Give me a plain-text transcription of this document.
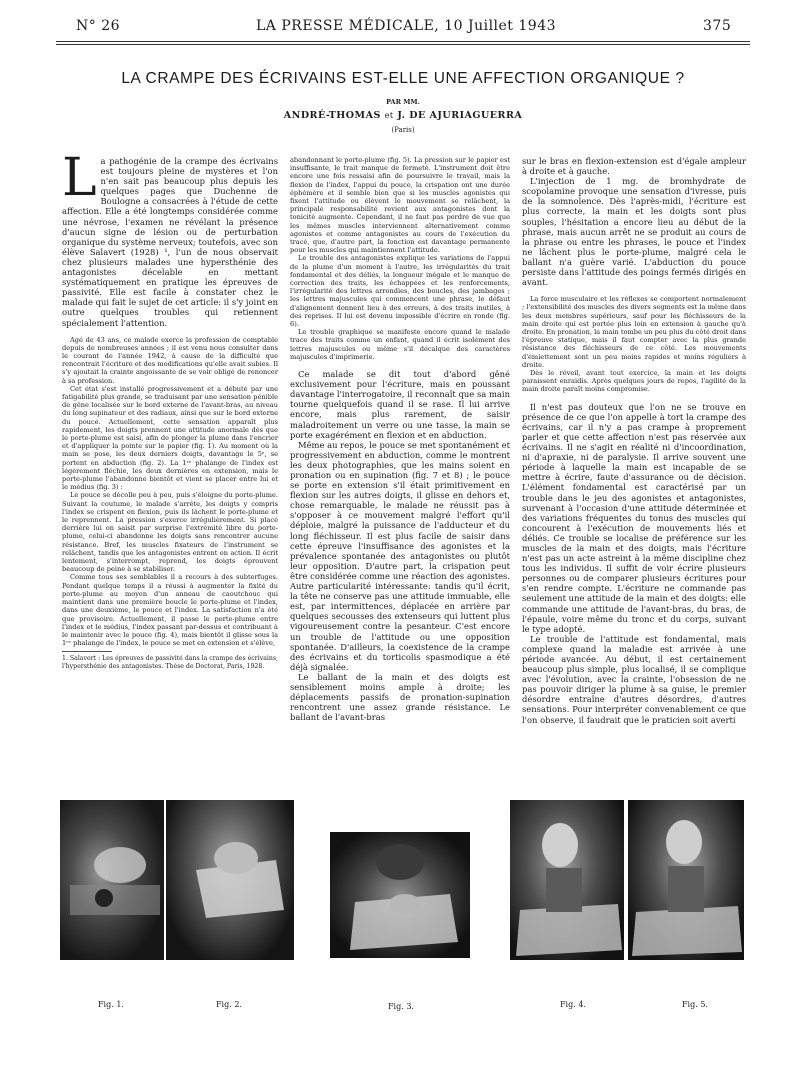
N° 26	LA PRESSE MÉDICALE, 10 Juillet 1943	375
LA CRAMPE DES ÉCRIVAINS EST-ELLE UNE AFFECTION ORGANIQUE ?
PAR MM.
ANDRÉ-THOMAS et J. DE AJURIAGUERRA
(Paris)

La pathogénie de la crampe des écrivains est toujours pleine de mystères et l'on n'en sait pas beaucoup plus depuis les quelques pages que Duchenne de Boulogne a consacrées à l'étude de cette affection. Elle a été longtemps considérée comme une névrose, l'examen ne révélant la présence d'aucun signe de lésion ou de perturbation organique du système nerveux; toutefois, avec son élève Salavert (1928) ¹, l'un de nous observait chez plusieurs malades une hypersthénie des antagonistes décelable en mettant systématiquement en pratique les épreuves de passivité. Elle est facile à constater chez le malade qui fait le sujet de cet article: il s'y joint en outre quelques troubles qui retiennent spécialement l'attention.

Agé de 43 ans, ce malade exerce la profession de comptable depuis de nombreuses années ; il est venu nous consulter dans le courant de l'année 1942, à cause de la difficulté que rencontrait l'écriture et des modifications qu'elle avait subies. Il s'y ajoutait la crainte angoissante de se voir obligé de renoncer à sa profession.

Cet état s'est installé progressivement et a débuté par une fatigabilité plus grande, se traduisant par une sensation pénible de gêne localisée sur le bord externe de l'avant-bras, au niveau du long supinateur et des radiaux, ainsi que sur le bord externe du pouce. Actuellement, cette sensation apparaît plus rapidement, les doigts prennent une attitude anormale dès que le porte-plume est saisi, afin de plonger la plume dans l'encrier et d'appliquer la pointe sur le papier (fig. 1). Au moment où la main se pose, les deux derniers doigts, davantage le 5ᵉ, se portent en abduction (fig. 2). La 1ʳᵉ phalange de l'index est légèrement fléchie, les deux dernières en extension, mais le porte-plume l'abandonne bientôt et vient se placer entre lui et le médius (fig. 3) :

Le pouce se décolle peu à peu, puis s'éloigne du porte-plume. Suivant la coutume, le malade s'arrête, les doigts y compris l'index se crispent en flexion, puis ils lâchent le porte-plume et le reprennent. La pression s'exerce irrégulièrement. Si placé derrière lui on saisit par surprise l'extrémité libre du porte-plume, celui-ci abandonne les doigts sans rencontrer aucune résistance. Bref, les muscles fixateurs de l'instrument se relâchent, tandis que les antagonistes entrent en action. Il écrit lentement, s'interrompt, reprend, les doigts éprouvent beaucoup de peine à se stabiliser.

Comme tous ses semblables il a recours à des subterfuges. Pendant quelque temps il a réussi à augmenter la fixité du porte-plume au moyen d'un anneau de caoutchouc qui maintient dans une première boucle le porte-plume et l'index, dans une deuxième, le pouce et l'index. La satisfaction n'a été que provisoire. Actuellement, il passe le porte-plume entre l'index et le médius, l'index passant par-dessus et contribuant à le maintenir avec le pouce (fig. 4), mais bientôt il glisse sous la 1ʳᵉ phalange de l'index, le pouce se met en extension et s'élève,

1. Salavert : Les épreuves de passivité dans la crampe des écrivains, l'hypersthénie des antagonistes. Thèse de Doctorat, Paris, 1928.

abandonnant le porte-plume (fig. 5). La pression sur le papier est insuffisante, le trait manque de fermeté. L'instrument doit être encore une fois ressaisi afin de poursuivre le travail, mais la flexion de l'index, l'appui du pouce, la crispation ont une durée éphémère et il semble bien que si les muscles agonistes qui fixent l'attitude ou élèvent le mouvement se relâchent, la principale responsabilité revient aux antagonistes dont la tonicité augmente. Cependant, il ne faut pas perdre de vue que les mêmes muscles interviennent alternativement comme agonistes et comme antagonistes au cours de l'exécution du tracé, que, d'autre part, la fonction est davantage permanente pour les muscles qui maintiennent l'attitude.

Le trouble des antagonistes explique les variations de l'appui de la plume d'un moment à l'autre, les irrégularités du trait fondamental et des déliés, la longueur inégale et le manque de correction des traits, les échappées et les renforcements, l'irrégularité des lettres arrondies, des boucles, des jambages ; les lettres majuscules qui commencent une phrase, le défaut d'alignement donnent lieu à des erreurs, à des traits inutiles, à des reprises. Il lui est devenu impossible d'écrire en ronde (fig. 6).

Le trouble graphique se manifeste encore quand le malade trace des traits comme un enfant, quand il écrit isolément des lettres majuscules ou même s'il décalque des caractères majuscules d'imprimerie.

Ce malade se dit tout d'abord gêné exclusivement pour l'écriture, mais en poussant davantage l'interrogatoire, il reconnaît que sa main tourne quelquefois quand il se rase. Il lui arrive encore, mais plus rarement, de saisir maladroitement un verre ou une tasse, la main se porte exagérément en flexion et en abduction.

Même au repos, le pouce se met spontanément et progressivement en abduction, comme le montrent les deux photographies, que les mains soient en pronation ou en supination (fig. 7 et 8) ; le pouce se porte en extension s'il était primitivement en flexion sur les autres doigts, il glisse en dehors et, chose remarquable, le malade ne réussit pas à s'opposer à ce mouvement malgré l'effort qu'il déploie, malgré la puissance de l'adducteur et du long fléchisseur. Il est plus facile de saisir dans cette épreuve l'insuffisance des agonistes et la prévalence spontanée des antagonistes ou plutôt leur opposition. D'autre part, la crispation peut être considérée comme une réaction des agonistes. Autre particularité intéressante: tandis qu'il écrit, la tête ne conserve pas une attitude immuable, elle est, par intermittences, déplacée en arrière par quelques secousses des extenseurs qui luttent plus vigoureusement contre la pesanteur. C'est encore un trouble de l'attitude ou une opposition spontanée. D'ailleurs, la coexistence de la crampe des écrivains et du torticolis spasmodique a été déjà signalée.

Le ballant de la main et des doigts est sensiblement moins ample à droite; les déplacements passifs de pronation-supination rencontrent une assez grande résistance. Le ballant de l'avant-bras

sur le bras en flexion-extension est d'égale ampleur à droite et à gauche.

L'injection de 1 mg. de bromhydrate de scopolamine provoque une sensation d'ivresse, puis de la somnolence. Dès l'après-midi, l'écriture est plus correcte, la main et les doigts sont plus souples, l'hésitation a encore lieu au début de la phrase, mais aucun arrêt ne se produit au cours de la phrase ou entre les phrases, le pouce et l'index ne lâchent plus le porte-plume, malgré cela le ballant n'a guère varié. L'abduction du pouce persiste dans l'attitude des poings fermés dirigés en avant.

La force musculaire et les réflexes se comportent normalement ; l'extensibilité des muscles des divers segments est la même dans les deux membres supérieurs, sauf pour les fléchisseurs de la main droite qui est portée plus loin en extension à gauche qu'à droite. En pronation, la main tombe un peu plus du côté droit dans l'épreuve statique, mais il faut compter avec la plus grande résistance des fléchisseurs de ce côté. Les mouvements d'émiettement sont un peu moins rapides et moins réguliers à droite.

Dès le réveil, avant tout exercice, la main et les doigts paraissent enraidis. Après quelques jours de repos, l'agilité de la main droite paraît moins compromise.

Il n'est pas douteux que l'on ne se trouve en présence de ce que l'on appelle à tort la crampe des écrivains, car il n'y a pas crampe à proprement parler et que cette affection n'est pas réservée aux écrivains. Il ne s'agit en réalité ni d'incoordination, ni d'apraxie, ni de paralysie. Il arrive souvent une période à laquelle la main est incapable de se mettre à écrire, faute d'assurance ou de décision. L'élément fondamental est caractérisé par un trouble dans le jeu des agonistes et antagonistes, survenant à l'occasion d'une attitude déterminée et des variations fréquentes du tonus des muscles qui concourent à l'exécution de mouvements liés et déliés. Ce trouble se localise de préférence sur les muscles de la main et des doigts, mais l'écriture n'est pas un acte astreint à la même discipline chez tous les individus. Il suffit de voir écrire plusieurs personnes ou de comparer plusieurs écritures pour s'en rendre compte. L'écriture ne commande pas seulement une attitude de la main et des doigts: elle commande une attitude de l'avant-bras, du bras, de l'épaule, voire même du tronc et du corps, suivant le type adopté.

Le trouble de l'attitude est fondamental, mais complexe quand la maladie est arrivée à une période avancée. Au début, il est certainement beaucoup plus simple, plus localisé, il se complique avec l'évolution, avec la crainte, l'obsession de ne pas pouvoir diriger la plume à sa guise, le premier désordre entraîne d'autres désordres, d'autres sensations. Pour interpréter convenablement ce que l'on observe, il faudrait que le praticien soit averti

Fig. 1.	Fig. 2.	Fig. 3.	Fig. 4.	Fig. 5.
